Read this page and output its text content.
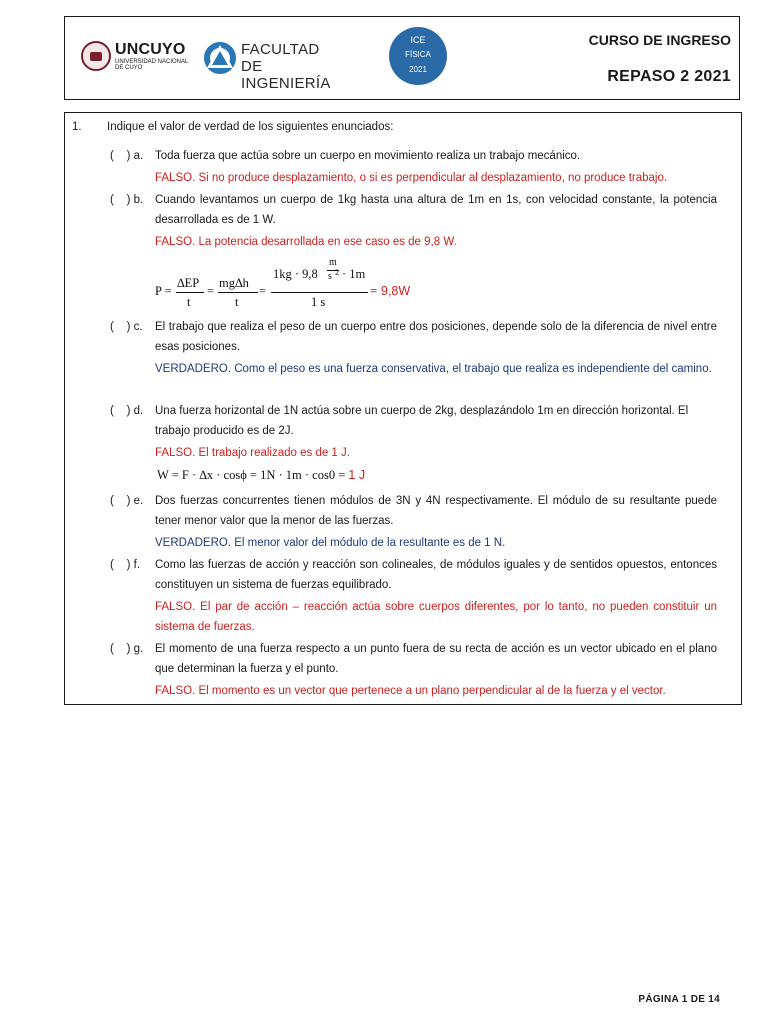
UNCUYO
UNIVERSIDAD NACIONAL DE CUYO
FACULTAD
DE INGENIERÍA
ICE
FÍSICA
2021
CURSO DE INGRESO
REPASO 2 2021
1. Indique el valor de verdad de los siguientes enunciados:
(    ) a. Toda fuerza que actúa sobre un cuerpo en movimiento realiza un trabajo mecánico.
FALSO. Si no produce desplazamiento, o si es perpendicular al desplazamiento, no produce trabajo.
(    ) b. Cuando levantamos un cuerpo de 1kg hasta una altura de 1m en 1s, con velocidad constante, la potencia desarrollada es de 1 W.
FALSO. La potencia desarrollada en ese caso es de 9,8 W.
P =
∆EP
t
=
mg∆h
t
=
1kg · 9,8
m
s 2 · 1m
1 s
= 9,8W
(    ) c. El trabajo que realiza el peso de un cuerpo entre dos posiciones, depende solo de la diferencia de nivel entre esas posiciones.
VERDADERO. Como el peso es una fuerza conservativa, el trabajo que realiza es independiente del camino.
(    ) d. Una fuerza horizontal de 1N actúa sobre un cuerpo de 2kg, desplazándolo 1m en dirección horizontal. El trabajo producido es de 2J.
FALSO. El trabajo realizado es de 1 J.
W = F · ∆x · cosϕ = 1N · 1m · cos0 = 1 J
(    ) e. Dos fuerzas concurrentes tienen módulos de 3N y 4N respectivamente. El módulo de su resultante puede tener menor valor que la menor de las fuerzas.
VERDADERO. El menor valor del módulo de la resultante es de 1 N.
(    ) f. Como las fuerzas de acción y reacción son colineales, de módulos iguales y de sentidos opuestos, entonces constituyen un sistema de fuerzas equilibrado.
FALSO. El par de acción – reacción actúa sobre cuerpos diferentes, por lo tanto, no pueden constituir un sistema de fuerzas.
(    ) g. El momento de una fuerza respecto a un punto fuera de su recta de acción es un vector ubicado en el plano que determinan la fuerza y el punto.
FALSO. El momento es un vector que pertenece a un plano perpendicular al de la fuerza y el vector.
PÁGINA 1 DE 14
